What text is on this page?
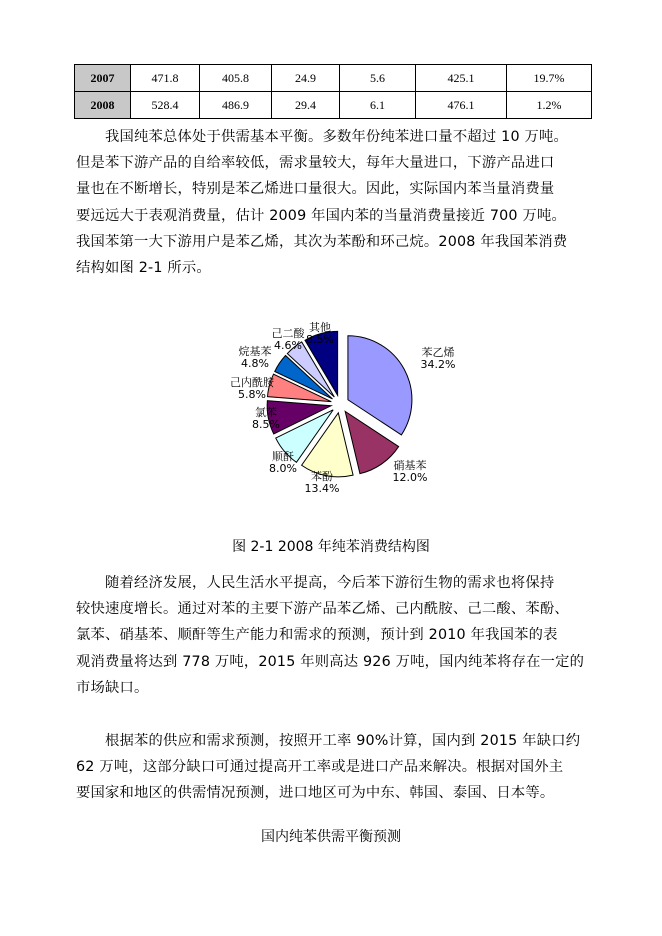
2007	471.8	405.8	24.9	5.6	425.1	19.7%
2008	528.4	486.9	29.4	6.1	476.1	1.2%
我国纯苯总体处于供需基本平衡。多数年份纯苯进口量不超过 10 万吨。
但是苯下游产品的自给率较低，需求量较大，每年大量进口，下游产品进口
量也在不断增长，特别是苯乙烯进口量很大。因此，实际国内苯当量消费量
要远远大于表观消费量，估计 2009 年国内苯的当量消费量接近 700 万吨。
我国苯第一大下游用户是苯乙烯，其次为苯酚和环己烷。2008 年我国苯消费
结构如图 2-1 所示。
苯乙烯
34.2%
硝基苯
12.0%
苯酚
13.4%
顺酐
8.0%
氯苯
8.5%
己内酰胺
5.8%
烷基苯
4.8%
己二酸
4.6%
其他
8.5%
图 2-1 2008 年纯苯消费结构图
随着经济发展，人民生活水平提高，今后苯下游衍生物的需求也将保持
较快速度增长。通过对苯的主要下游产品苯乙烯、己内酰胺、己二酸、苯酚、
氯苯、硝基苯、顺酐等生产能力和需求的预测，预计到 2010 年我国苯的表
观消费量将达到 778 万吨，2015 年则高达 926 万吨，国内纯苯将存在一定的
市场缺口。
根据苯的供应和需求预测，按照开工率 90%计算，国内到 2015 年缺口约
62 万吨，这部分缺口可通过提高开工率或是进口产品来解决。根据对国外主
要国家和地区的供需情况预测，进口地区可为中东、韩国、泰国、日本等。
国内纯苯供需平衡预测
